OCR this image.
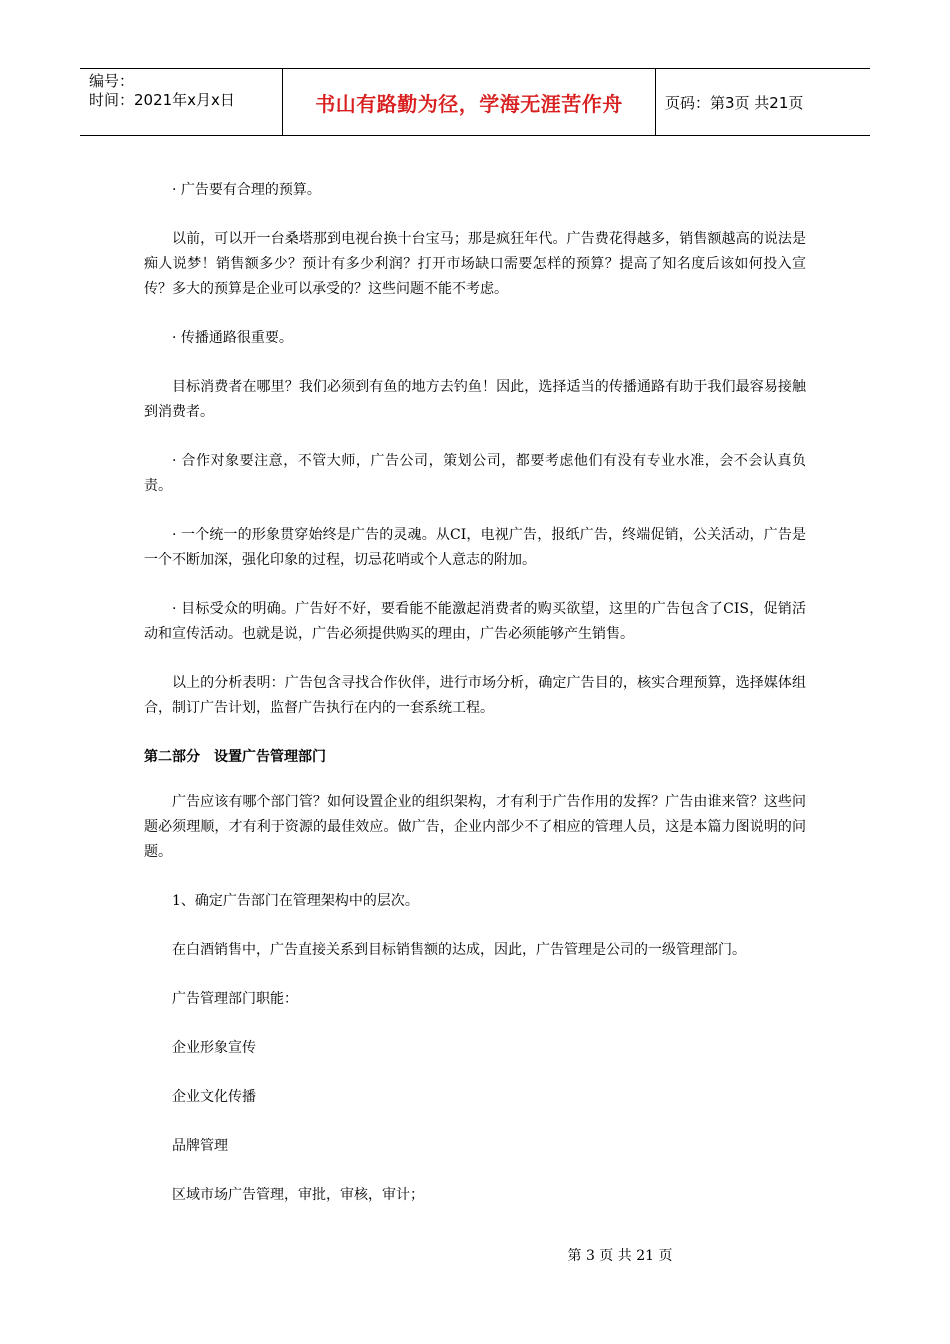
编号：
时间：2021年x月x日	书山有路勤为径，学海无涯苦作舟	页码：第3页 共21页

· 广告要有合理的预算。

以前，可以开一台桑塔那到电视台换十台宝马；那是疯狂年代。广告费花得越多，销售额越高的说法是痴人说梦！销售额多少？预计有多少利润？打开市场缺口需要怎样的预算？提高了知名度后该如何投入宣传？多大的预算是企业可以承受的？这些问题不能不考虑。

· 传播通路很重要。

目标消费者在哪里？我们必须到有鱼的地方去钓鱼！因此，选择适当的传播通路有助于我们最容易接触到消费者。

· 合作对象要注意，不管大师，广告公司，策划公司，都要考虑他们有没有专业水准，会不会认真负责。

· 一个统一的形象贯穿始终是广告的灵魂。从CI，电视广告，报纸广告，终端促销，公关活动，广告是一个不断加深，强化印象的过程，切忌花哨或个人意志的附加。

· 目标受众的明确。广告好不好，要看能不能激起消费者的购买欲望，这里的广告包含了CIS，促销活动和宣传活动。也就是说，广告必须提供购买的理由，广告必须能够产生销售。

以上的分析表明：广告包含寻找合作伙伴，进行市场分析，确定广告目的，核实合理预算，选择媒体组合，制订广告计划，监督广告执行在内的一套系统工程。

第二部分　设置广告管理部门

广告应该有哪个部门管？如何设置企业的组织架构，才有利于广告作用的发挥？广告由谁来管？这些问题必须理顺，才有利于资源的最佳效应。做广告，企业内部少不了相应的管理人员，这是本篇力图说明的问题。

1、确定广告部门在管理架构中的层次。

在白酒销售中，广告直接关系到目标销售额的达成，因此，广告管理是公司的一级管理部门。

广告管理部门职能：

企业形象宣传

企业文化传播

品牌管理

区域市场广告管理，审批，审核，审计；

第 3 页 共 21 页
